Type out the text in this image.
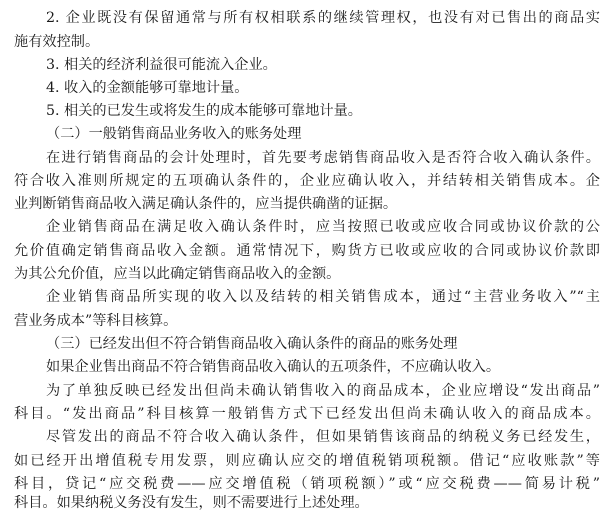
2. 企业既没有保留通常与所有权相联系的继续管理权，也没有对已售出的商品实
施有效控制。
3. 相关的经济利益很可能流入企业。
4. 收入的金额能够可靠地计量。
5. 相关的已发生或将发生的成本能够可靠地计量。
（二）一般销售商品业务收入的账务处理
在进行销售商品的会计处理时，首先要考虑销售商品收入是否符合收入确认条件。
符合收入准则所规定的五项确认条件的，企业应确认收入，并结转相关销售成本。企
业判断销售商品收入满足确认条件的，应当提供确凿的证据。
企业销售商品在满足收入确认条件时，应当按照已收或应收合同或协议价款的公
允价值确定销售商品收入金额。通常情况下，购货方已收或应收的合同或协议价款即
为其公允价值，应当以此确定销售商品收入的金额。
企业销售商品所实现的收入以及结转的相关销售成本，通过“主营业务收入”“主
营业务成本”等科目核算。
（三）已经发出但不符合销售商品收入确认条件的商品的账务处理
如果企业售出商品不符合销售商品收入确认的五项条件，不应确认收入。
为了单独反映已经发出但尚未确认销售收入的商品成本，企业应增设“发出商品”
科目。“发出商品”科目核算一般销售方式下已经发出但尚未确认收入的商品成本。
尽管发出的商品不符合收入确认条件，但如果销售该商品的纳税义务已经发生，
如已经开出增值税专用发票，则应确认应交的增值税销项税额。借记“应收账款”等
科目，贷记“应交税费——应交增值税（销项税额）”或“应交税费——简易计税”
科目。如果纳税义务没有发生，则不需要进行上述处理。
